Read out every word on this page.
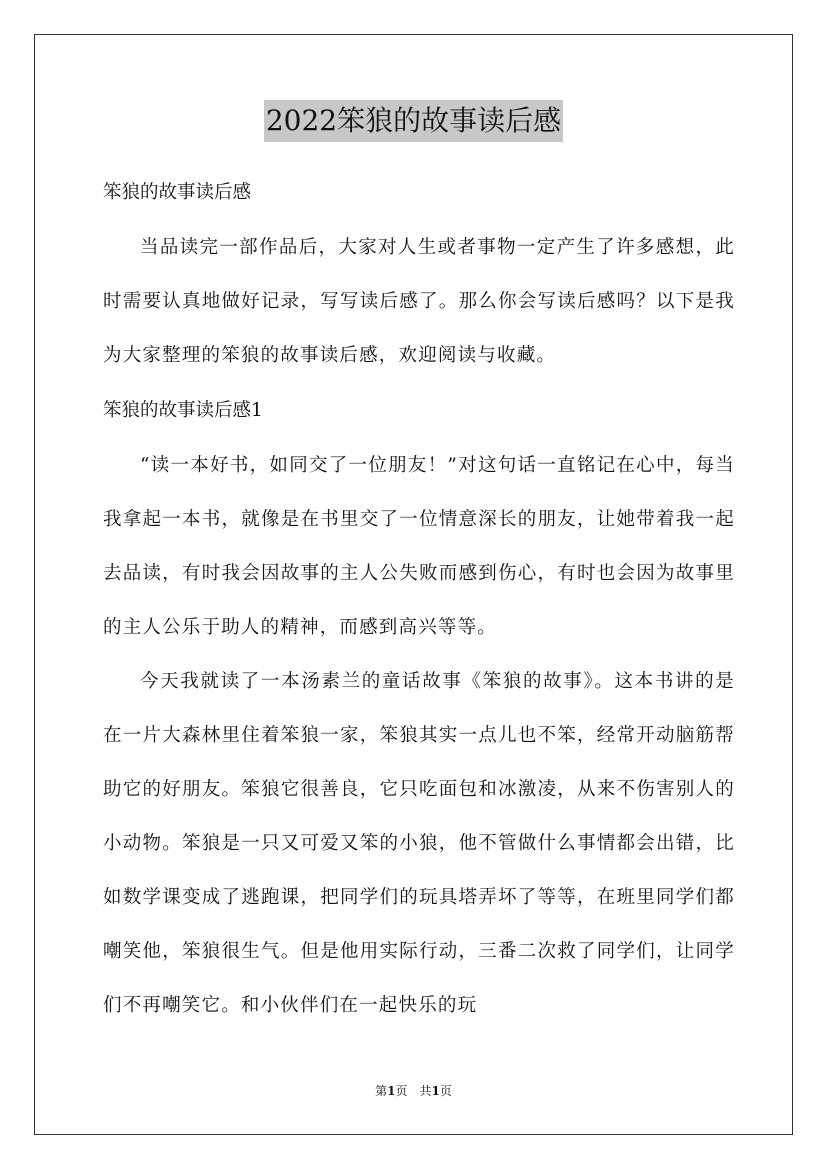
2022笨狼的故事读后感

笨狼的故事读后感

当品读完一部作品后，大家对人生或者事物一定产生了许多感想，此时需要认真地做好记录，写写读后感了。那么你会写读后感吗？以下是我为大家整理的笨狼的故事读后感，欢迎阅读与收藏。

笨狼的故事读后感1

“读一本好书，如同交了一位朋友！”对这句话一直铭记在心中，每当我拿起一本书，就像是在书里交了一位情意深长的朋友，让她带着我一起去品读，有时我会因故事的主人公失败而感到伤心，有时也会因为故事里的主人公乐于助人的精神，而感到高兴等等。

今天我就读了一本汤素兰的童话故事《笨狼的故事》。这本书讲的是在一片大森林里住着笨狼一家，笨狼其实一点儿也不笨，经常开动脑筋帮助它的好朋友。笨狼它很善良，它只吃面包和冰激凌，从来不伤害别人的小动物。笨狼是一只又可爱又笨的小狼，他不管做什么事情都会出错，比如数学课变成了逃跑课，把同学们的玩具塔弄坏了等等，在班里同学们都嘲笑他，笨狼很生气。但是他用实际行动，三番二次救了同学们，让同学们不再嘲笑它。和小伙伴们在一起快乐的玩

第1页　共1页
